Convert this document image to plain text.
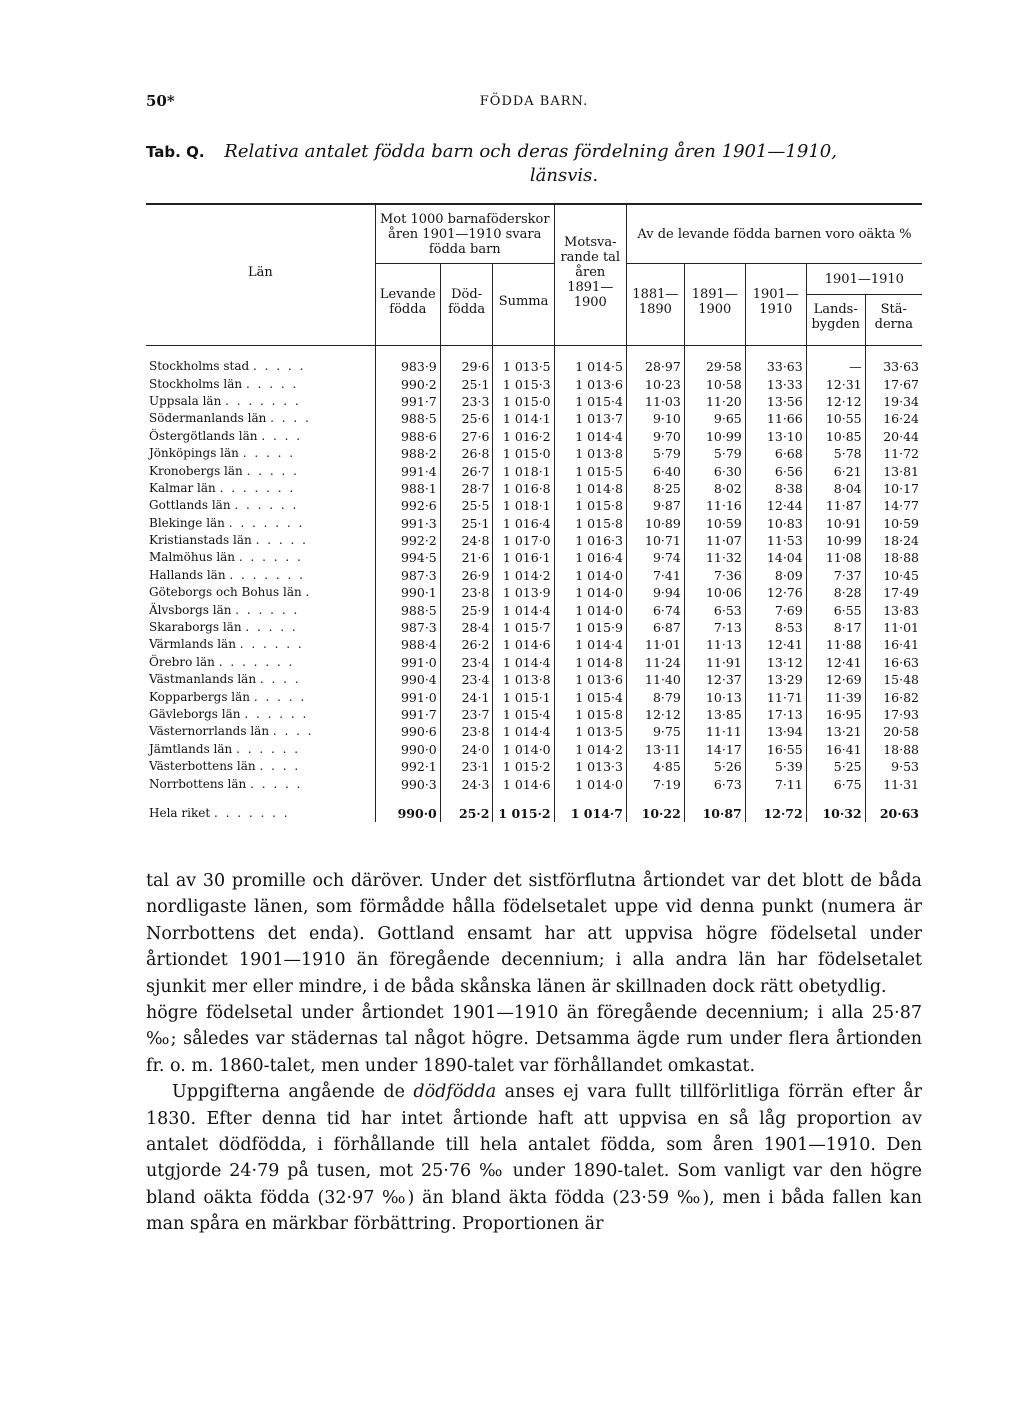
50*	FÖDDA BARN.
Tab. Q. Relativa antalet födda barn och deras fördelning åren 1901—1910,
länsvis.
Län	Mot 1000 barnaföderskor åren 1901—1910 svara födda barn			Motsva- rande tal åren 1891— 1900	Av de levande födda barnen voro oäkta %				
	Levande födda	Död- födda	Summa		1881— 1890	1891— 1900	1901— 1910	1901—1910	
								Lands- bygden	Stä- derna

Stockholms stad . . . . .	983·9	29·6	1 013·5	1 014·5	28·97	29·58	33·63	—	33·63
Stockholms län . . . . .	990·2	25·1	1 015·3	1 013·6	10·23	10·58	13·33	12·31	17·67
Uppsala län . . . . . . .	991·7	23·3	1 015·0	1 015·4	11·03	11·20	13·56	12·12	19·34
Södermanlands län . . . .	988·5	25·6	1 014·1	1 013·7	9·10	9·65	11·66	10·55	16·24
Östergötlands län . . . .	988·6	27·6	1 016·2	1 014·4	9·70	10·99	13·10	10·85	20·44
Jönköpings län . . . . .	988·2	26·8	1 015·0	1 013·8	5·79	5·79	6·68	5·78	11·72
Kronobergs län . . . . .	991·4	26·7	1 018·1	1 015·5	6·40	6·30	6·56	6·21	13·81
Kalmar län . . . . . . .	988·1	28·7	1 016·8	1 014·8	8·25	8·02	8·38	8·04	10·17
Gottlands län . . . . . .	992·6	25·5	1 018·1	1 015·8	9·87	11·16	12·44	11·87	14·77
Blekinge län . . . . . . .	991·3	25·1	1 016·4	1 015·8	10·89	10·59	10·83	10·91	10·59
Kristianstads län . . . . .	992·2	24·8	1 017·0	1 016·3	10·71	11·07	11·53	10·99	18·24
Malmöhus län . . . . . .	994·5	21·6	1 016·1	1 016·4	9·74	11·32	14·04	11·08	18·88
Hallands län . . . . . . .	987·3	26·9	1 014·2	1 014·0	7·41	7·36	8·09	7·37	10·45
Göteborgs och Bohus län .	990·1	23·8	1 013·9	1 014·0	9·94	10·06	12·76	8·28	17·49
Älvsborgs län . . . . . .	988·5	25·9	1 014·4	1 014·0	6·74	6·53	7·69	6·55	13·83
Skaraborgs län . . . . .	987·3	28·4	1 015·7	1 015·9	6·87	7·13	8·53	8·17	11·01
Värmlands län . . . . . .	988·4	26·2	1 014·6	1 014·4	11·01	11·13	12·41	11·88	16·41
Örebro län . . . . . . .	991·0	23·4	1 014·4	1 014·8	11·24	11·91	13·12	12·41	16·63
Västmanlands län . . . .	990·4	23·4	1 013·8	1 013·6	11·40	12·37	13·29	12·69	15·48
Kopparbergs län . . . . .	991·0	24·1	1 015·1	1 015·4	8·79	10·13	11·71	11·39	16·82
Gävleborgs län . . . . . .	991·7	23·7	1 015·4	1 015·8	12·12	13·85	17·13	16·95	17·93
Västernorrlands län . . . .	990·6	23·8	1 014·4	1 013·5	9·75	11·11	13·94	13·21	20·58
Jämtlands län . . . . . .	990·0	24·0	1 014·0	1 014·2	13·11	14·17	16·55	16·41	18·88
Västerbottens län . . . .	992·1	23·1	1 015·2	1 013·3	4·85	5·26	5·39	5·25	9·53
Norrbottens län . . . . .	990·3	24·3	1 014·6	1 014·0	7·19	6·73	7·11	6·75	11·31

Hela riket . . . . . . .	990·0	25·2	1 015·2	1 014·7	10·22	10·87	12·72	10·32	20·63

tal av 30 promille och däröver. Under det sistförflutna årtiondet var det blott de båda nordligaste länen, som förmådde hålla födelsetalet uppe vid denna punkt (numera är Norrbottens det enda). Gottland ensamt har att uppvisa högre födelsetal under årtiondet 1901—1910 än föregående decennium; i alla andra län har födelsetalet sjunkit mer eller mindre, i de båda skånska länen är skillnaden dock rätt obetydlig.

högre födelsetal under årtiondet 1901—1910 än föregående decennium; i alla 25·87 ‰; således var städernas tal något högre. Detsamma ägde rum under flera årtionden fr. o. m. 1860-talet, men under 1890-talet var förhållandet omkastat.

Uppgifterna angående de dödfödda anses ej vara fullt tillförlitliga förrän efter år 1830. Efter denna tid har intet årtionde haft att uppvisa en så låg proportion av antalet dödfödda, i förhållande till hela antalet födda, som åren 1901—1910. Den utgjorde 24·79 på tusen, mot 25·76 ‰ under 1890-talet. Som vanligt var den högre bland oäkta födda (32·97 ‰) än bland äkta födda (23·59 ‰), men i båda fallen kan man spåra en märkbar förbättring. Proportionen är
